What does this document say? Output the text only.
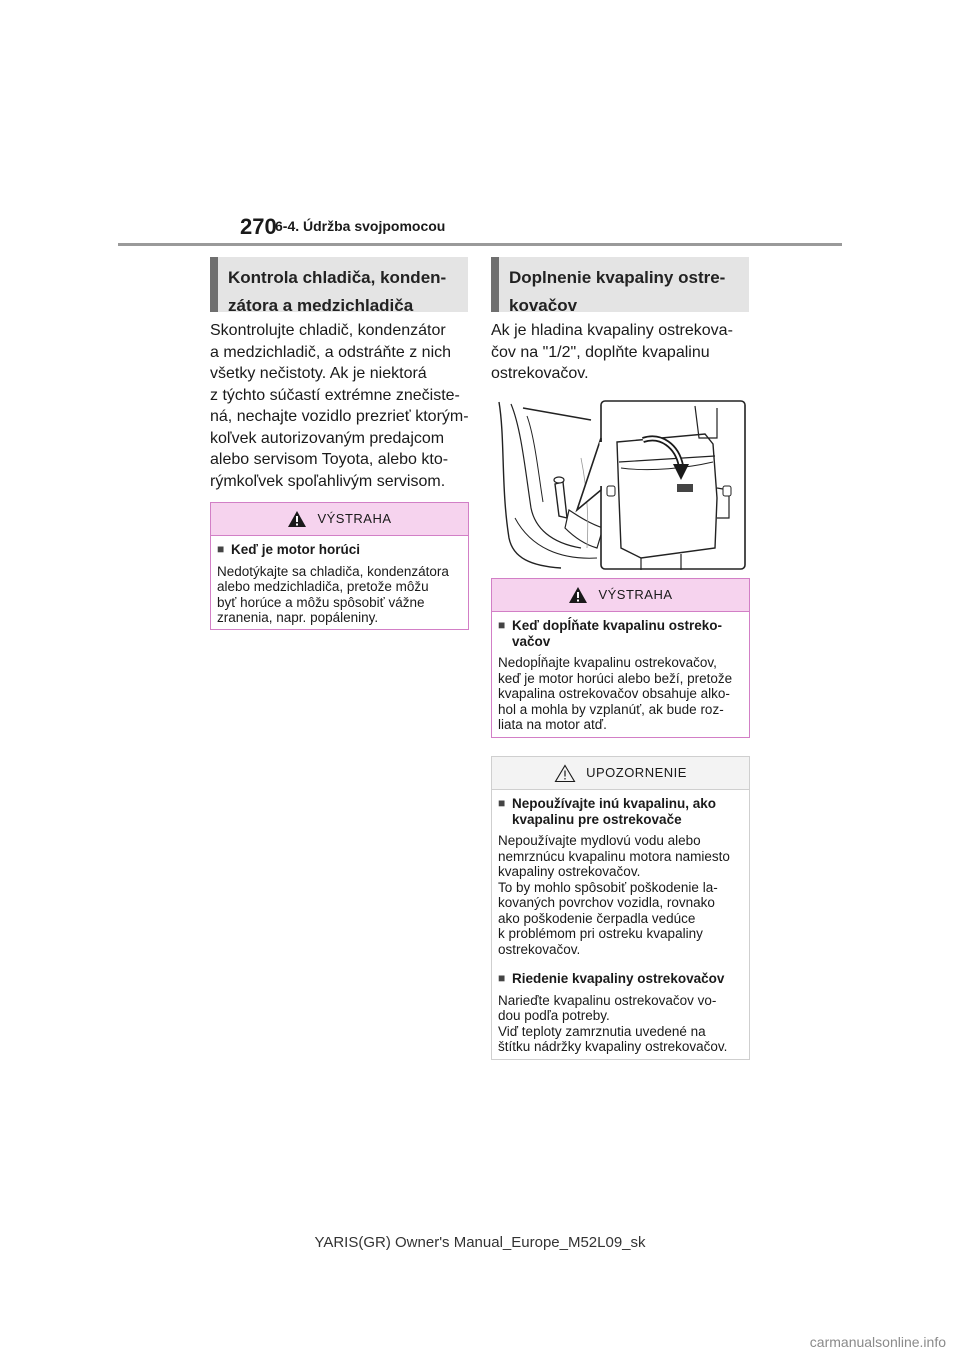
270
6-4. Údržba svojpomocou
Kontrola chladiča, konden-
zátora a medzichladiča

Skontrolujte chladič, kondenzátor

a medzichladič, a odstráňte z nich

všetky nečistoty. Ak je niektorá

z týchto súčastí extrémne znečiste-

ná, nechajte vozidlo prezrieť ktorým-

koľvek autorizovaným predajcom

alebo servisom Toyota, alebo kto-

rýmkoľvek spoľahlivým servisom.

VÝSTRAHA
■ Keď je motor horúci
Nedotýkajte sa chladiča, kondenzátora
alebo medzichladiča, pretože môžu
byť horúce a môžu spôsobiť vážne
zranenia, napr. popáleniny.
Doplnenie kvapaliny ostre-
kovačov

Ak je hladina kvapaliny ostrekova-

čov na "1/2", doplňte kvapalinu

ostrekovačov.

VÝSTRAHA
■ Keď dopĺňate kvapalinu ostreko-
vačov
Nedopĺňajte kvapalinu ostrekovačov,
keď je motor horúci alebo beží, pretože
kvapalina ostrekovačov obsahuje alko-
hol a mohla by vzplanúť, ak bude roz-
liata na motor atď.
UPOZORNENIE
■ Nepoužívajte inú kvapalinu, ako
kvapalinu pre ostrekovače
Nepoužívajte mydlovú vodu alebo
nemrznúcu kvapalinu motora namiesto
kvapaliny ostrekovačov.
To by mohlo spôsobiť poškodenie la-
kovaných povrchov vozidla, rovnako
ako poškodenie čerpadla vedúce
k problémom pri ostreku kvapaliny
ostrekovačov.
■ Riedenie kvapaliny ostrekovačov
Narieďte kvapalinu ostrekovačov vo-
dou podľa potreby.
Viď teploty zamrznutia uvedené na
štítku nádržky kvapaliny ostrekovačov.
YARIS(GR) Owner's Manual_Europe_M52L09_sk
carmanualsonline.info
